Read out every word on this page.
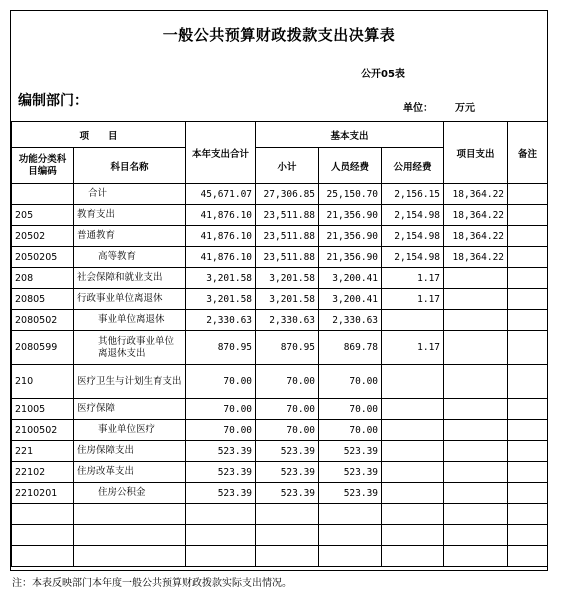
一般公共预算财政拨款支出决算表
公开05表
编制部门：	单位： 万元
项　　目		本年支出合计	基本支出			项目支出	备注
功能分类科目编码	科目名称		小计	人员经费	公用经费		
	合计	45,671.07	27,306.85	25,150.70	2,156.15	18,364.22	
205	教育支出	41,876.10	23,511.88	21,356.90	2,154.98	18,364.22	
20502	普通教育	41,876.10	23,511.88	21,356.90	2,154.98	18,364.22	
2050205	高等教育	41,876.10	23,511.88	21,356.90	2,154.98	18,364.22	
208	社会保障和就业支出	3,201.58	3,201.58	3,200.41	1.17		
20805	行政事业单位离退休	3,201.58	3,201.58	3,200.41	1.17		
2080502	事业单位离退休	2,330.63	2,330.63	2,330.63			
2080599	其他行政事业单位离退休支出	870.95	870.95	869.78	1.17		
210	医疗卫生与计划生育支出	70.00	70.00	70.00			
21005	医疗保障	70.00	70.00	70.00			
2100502	事业单位医疗	70.00	70.00	70.00			
221	住房保障支出	523.39	523.39	523.39			
22102	住房改革支出	523.39	523.39	523.39			
2210201	住房公积金	523.39	523.39	523.39			

注：本表反映部门本年度一般公共预算财政拨款实际支出情况。
